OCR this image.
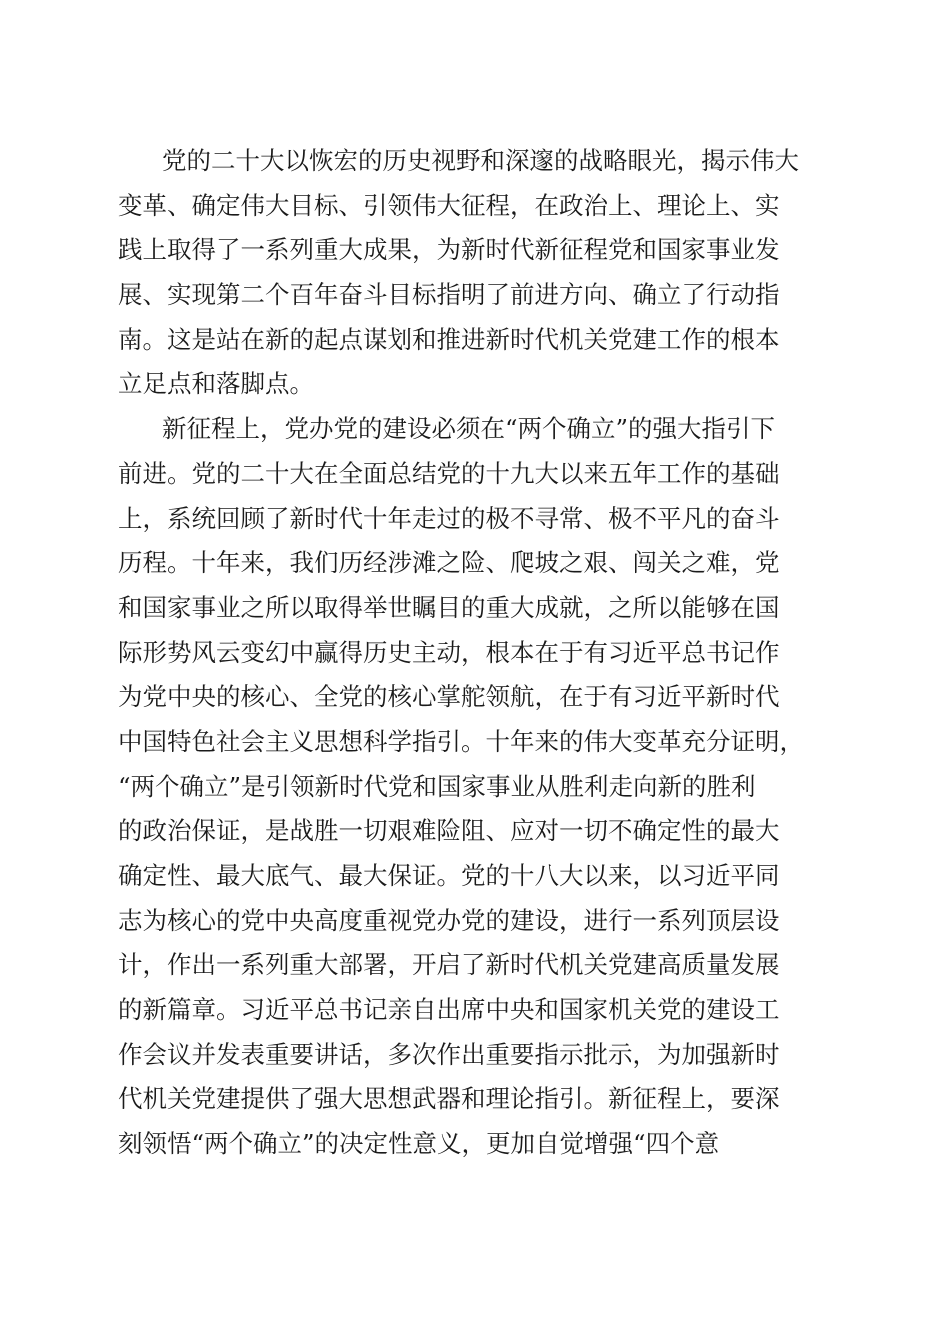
党的二十大以恢宏的历史视野和深邃的战略眼光，揭示伟大
变革、确定伟大目标、引领伟大征程，在政治上、理论上、实
践上取得了一系列重大成果，为新时代新征程党和国家事业发
展、实现第二个百年奋斗目标指明了前进方向、确立了行动指
南。这是站在新的起点谋划和推进新时代机关党建工作的根本
立足点和落脚点。
新征程上，党办党的建设必须在“两个确立”的强大指引下
前进。党的二十大在全面总结党的十九大以来五年工作的基础
上，系统回顾了新时代十年走过的极不寻常、极不平凡的奋斗
历程。十年来，我们历经涉滩之险、爬坡之艰、闯关之难，党
和国家事业之所以取得举世瞩目的重大成就，之所以能够在国
际形势风云变幻中赢得历史主动，根本在于有习近平总书记作
为党中央的核心、全党的核心掌舵领航，在于有习近平新时代
中国特色社会主义思想科学指引。十年来的伟大变革充分证明，
“两个确立”是引领新时代党和国家事业从胜利走向新的胜利
的政治保证，是战胜一切艰难险阻、应对一切不确定性的最大
确定性、最大底气、最大保证。党的十八大以来，以习近平同
志为核心的党中央高度重视党办党的建设，进行一系列顶层设
计，作出一系列重大部署，开启了新时代机关党建高质量发展
的新篇章。习近平总书记亲自出席中央和国家机关党的建设工
作会议并发表重要讲话，多次作出重要指示批示，为加强新时
代机关党建提供了强大思想武器和理论指引。新征程上，要深
刻领悟“两个确立”的决定性意义，更加自觉增强“四个意
